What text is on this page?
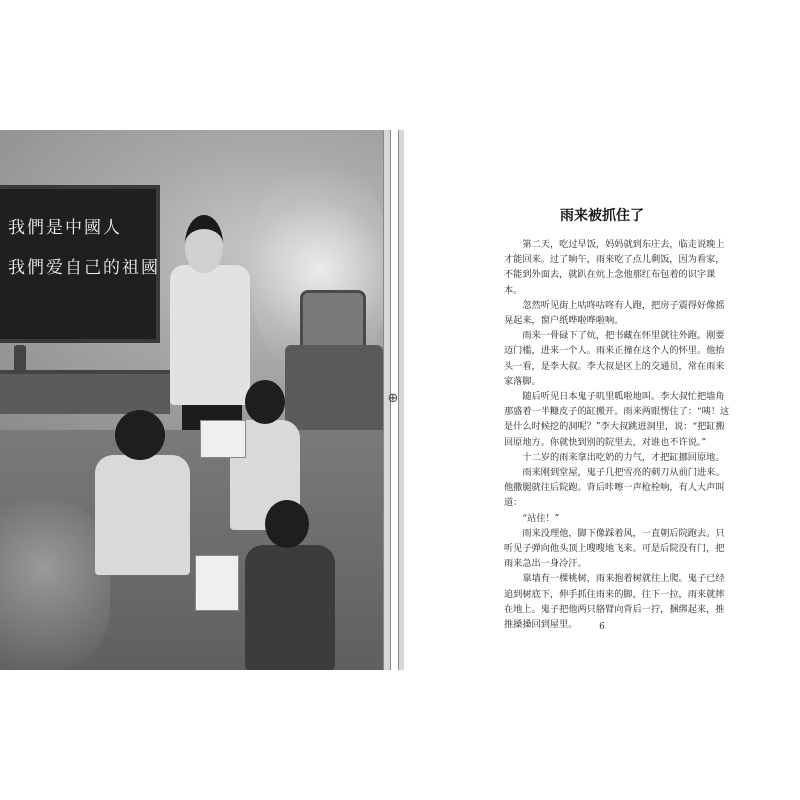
我們是中國人
我們爱自己的祖國
⊕
雨来被抓住了

第二天，吃过早饭，妈妈就到东庄去，临走说晚上才能回来。过了晌午，雨来吃了点儿剩饭，因为看家，不能到外面去，就趴在炕上念他那红布包着的识字课本。

忽然听见街上咕咚咕咚有人跑，把房子震得好像摇晃起来，窗户纸哗啦哗啦响。

雨来一骨碌下了炕，把书藏在怀里就往外跑。刚要迈门槛，进来一个人。雨来正撞在这个人的怀里。他抬头一看，是李大叔。李大叔是区上的交通员，常在雨来家落脚。

随后听见日本鬼子叽里呱啦地叫。李大叔忙把墙角那盛着一半糠皮子的缸搬开。雨来两眼愣住了：“咦！这是什么时候挖的洞呢？”李大叔跳进洞里，说：“把缸搬回原地方。你就快到别的院里去，对谁也不许说。”

十二岁的雨来拿出吃奶的力气，才把缸挪回原地。

雨来刚到堂屋，鬼子几把雪亮的刺刀从前门进来。他撒腿就往后院跑。背后咔嚓一声枪栓响，有人大声叫道：

“站住！”

雨来没理他，脚下像踩着风，一直朝后院跑去。只听见子弹向他头顶上嗖嗖地飞来。可是后院没有门，把雨来急出一身冷汗。

靠墙有一棵桃树，雨来抱着树就往上爬。鬼子已经追到树底下，伸手抓住雨来的脚，往下一拉，雨来就摔在地上。鬼子把他两只胳臂向背后一拧，捆绑起来，推推搡搡回到屋里。	6
